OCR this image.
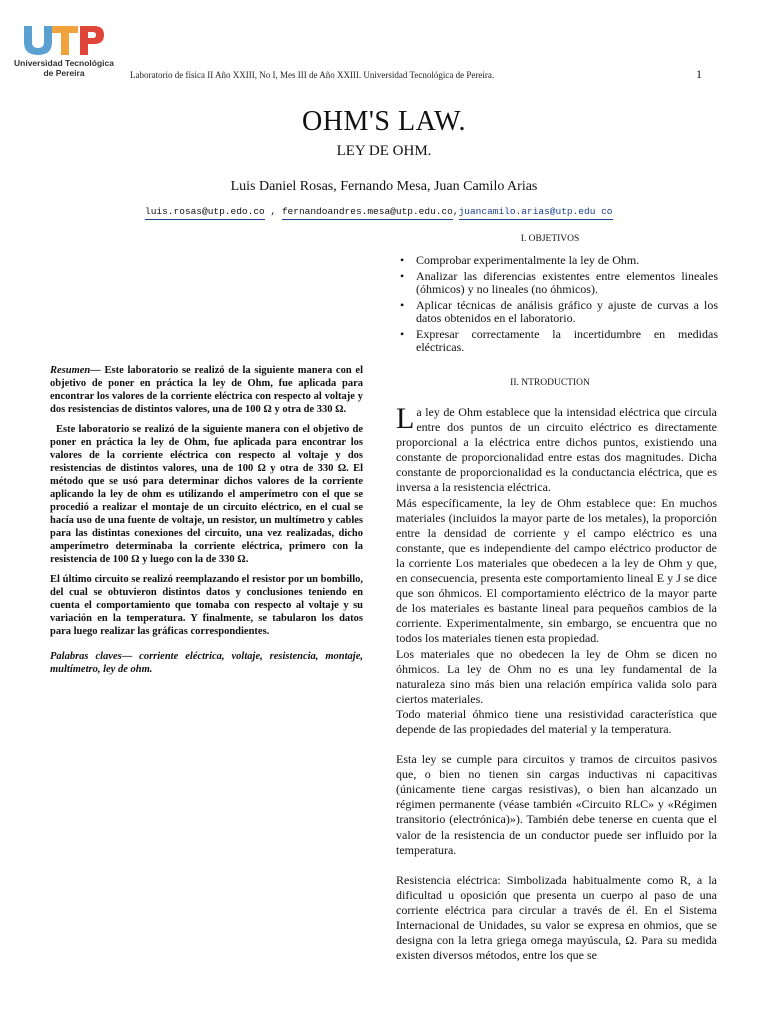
Universidad Tecnológica
de Pereira	Laboratorio de física II Año XXIII, No I, Mes III de Año XXIII. Universidad Tecnológica de Pereira.	1
OHM'S LAW.
LEY DE OHM.
Luis Daniel Rosas, Fernando Mesa, Juan Camilo Arias
luis.rosas@utp.edo.co , fernandoandres.mesa@utp.edu.co,juancamilo.arias@utp.edu co
I. OBJETIVOS
• Comprobar experimentalmente la ley de Ohm.
• Analizar las diferencias existentes entre elementos lineales (óhmicos) y no lineales (no óhmicos).
• Aplicar técnicas de análisis gráfico y ajuste de curvas a los datos obtenidos en el laboratorio.
• Expresar correctamente la incertidumbre en medidas eléctricas.
II. NTRODUCTION

Resumen— Este laboratorio se realizó de la siguiente manera con el objetivo de poner en práctica la ley de Ohm, fue aplicada para encontrar los valores de la corriente eléctrica con respecto al voltaje y dos resistencias de distintos valores, una de 100 Ω y otra de 330 Ω.

Este laboratorio se realizó de la siguiente manera con el objetivo de poner en práctica la ley de Ohm, fue aplicada para encontrar los valores de la corriente eléctrica con respecto al voltaje y dos resistencias de distintos valores, una de 100 Ω y otra de 330 Ω. El método que se usó para determinar dichos valores de la corriente aplicando la ley de ohm es utilizando el amperímetro con el que se procedió a realizar el montaje de un circuito eléctrico, en el cual se hacía uso de una fuente de voltaje, un resistor, un multímetro y cables para las distintas conexiones del circuito, una vez realizadas, dicho amperímetro determinaba la corriente eléctrica, primero con la resistencia de 100 Ω y luego con la de 330 Ω.

El último circuito se realizó reemplazando el resistor por un bombillo, del cual se obtuvieron distintos datos y conclusiones teniendo en cuenta el comportamiento que tomaba con respecto al voltaje y su variación en la temperatura. Y finalmente, se tabularon los datos para luego realizar las gráficas correspondientes.

Palabras claves— corriente eléctrica, voltaje, resistencia, montaje, multímetro, ley de ohm.

La ley de Ohm establece que la intensidad eléctrica que circula entre dos puntos de un circuito eléctrico es directamente proporcional a la eléctrica entre dichos puntos, existiendo una constante de proporcionalidad entre estas dos magnitudes. Dicha constante de proporcionalidad es la conductancia eléctrica, que es inversa a la resistencia eléctrica.

Más específicamente, la ley de Ohm establece que: En muchos materiales (incluidos la mayor parte de los metales), la proporción entre la densidad de corriente y el campo eléctrico es una constante, que es independiente del campo eléctrico productor de la corriente Los materiales que obedecen a la ley de Ohm y que, en consecuencia, presenta este comportamiento lineal E y J se dice que son óhmicos. El comportamiento eléctrico de la mayor parte de los materiales es bastante lineal para pequeños cambios de la corriente. Experimentalmente, sin embargo, se encuentra que no todos los materiales tienen esta propiedad.

Los materiales que no obedecen la ley de Ohm se dicen no óhmicos. La ley de Ohm no es una ley fundamental de la naturaleza sino más bien una relación empírica valida solo para ciertos materiales.

Todo material óhmico tiene una resistividad característica que depende de las propiedades del material y la temperatura.

Esta ley se cumple para circuitos y tramos de circuitos pasivos que, o bien no tienen sin cargas inductivas ni capacitivas (únicamente tiene cargas resistivas), o bien han alcanzado un régimen permanente (véase también «Circuito RLC» y «Régimen transitorio (electrónica)»). También debe tenerse en cuenta que el valor de la resistencia de un conductor puede ser influido por la temperatura.

Resistencia eléctrica: Simbolizada habitualmente como R, a la dificultad u oposición que presenta un cuerpo al paso de una corriente eléctrica para circular a través de él. En el Sistema Internacional de Unidades, su valor se expresa en ohmios, que se designa con la letra griega omega mayúscula, Ω. Para su medida existen diversos métodos, entre los que se
